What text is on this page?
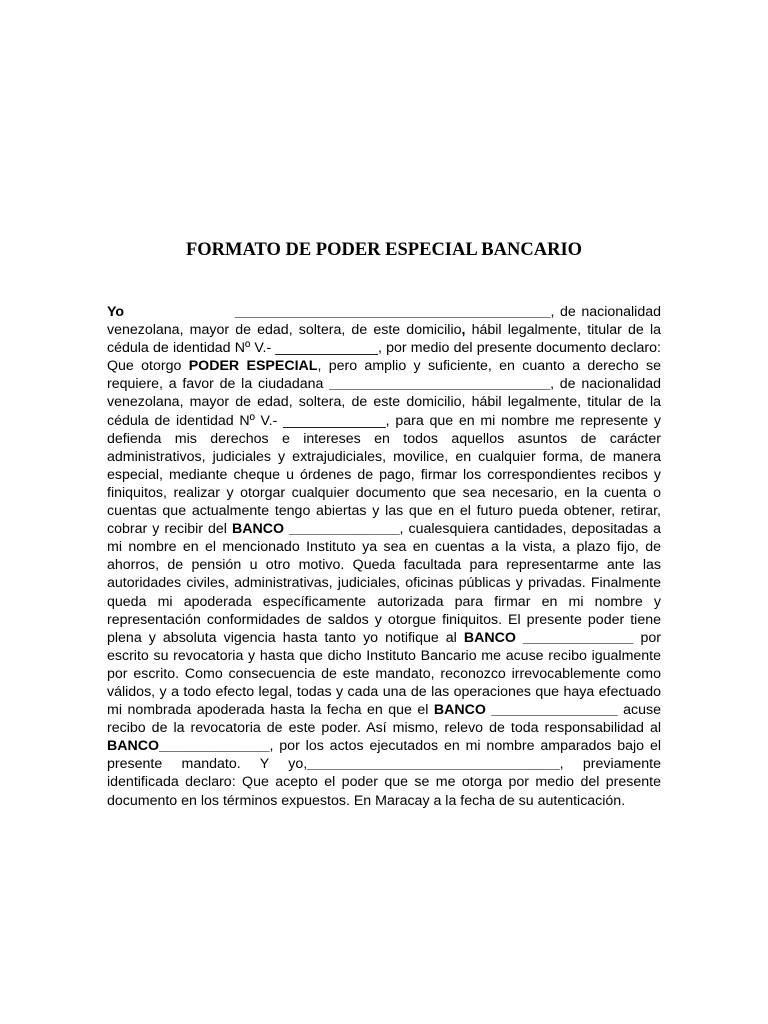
FORMATO DE PODER ESPECIAL BANCARIO

Yo	________________________________________, de nacionalidad venezolana, mayor de edad, soltera, de este domicilio, hábil legalmente, titular de la cédula de identidad Nº V.- _____________, por medio del presente documento declaro: Que otorgo PODER ESPECIAL, pero amplio y suficiente, en cuanto a derecho se requiere, a favor de la ciudadana ____________________________, de nacionalidad venezolana, mayor de edad, soltera, de este domicilio, hábil legalmente, titular de la cédula de identidad Nº V.- _____________, para que en mi nombre me represente y defienda mis derechos e intereses en todos aquellos asuntos de carácter administrativos, judiciales y extrajudiciales, movilice, en cualquier forma, de manera especial, mediante cheque u órdenes de pago, firmar los correspondientes recibos y finiquitos, realizar y otorgar cualquier documento que sea necesario, en la cuenta o cuentas que actualmente tengo abiertas y las que en el futuro pueda obtener, retirar, cobrar y recibir del BANCO ______________, cualesquiera cantidades, depositadas a mi nombre en el mencionado Instituto ya sea en cuentas a la vista, a plazo fijo, de ahorros, de pensión u otro motivo. Queda facultada para representarme ante las autoridades civiles, administrativas, judiciales, oficinas públicas y privadas. Finalmente queda mi apoderada específicamente autorizada para firmar en mi nombre y representación conformidades de saldos y otorgue finiquitos. El presente poder tiene plena y absoluta vigencia hasta tanto yo notifique al BANCO ______________ por escrito su revocatoria y hasta que dicho Instituto Bancario me acuse recibo igualmente por escrito. Como consecuencia de este mandato, reconozco irrevocablemente como válidos, y a todo efecto legal, todas y cada una de las operaciones que haya efectuado mi nombrada apoderada hasta la fecha en que el BANCO ________________ acuse recibo de la revocatoria de este poder. Así mismo, relevo de toda responsabilidad al BANCO______________, por los actos ejecutados en mi nombre amparados bajo el presente mandato. Y yo,________________________________, previamente identificada declaro: Que acepto el poder que se me otorga por medio del presente documento en los términos expuestos. En Maracay a la fecha de su autenticación.
